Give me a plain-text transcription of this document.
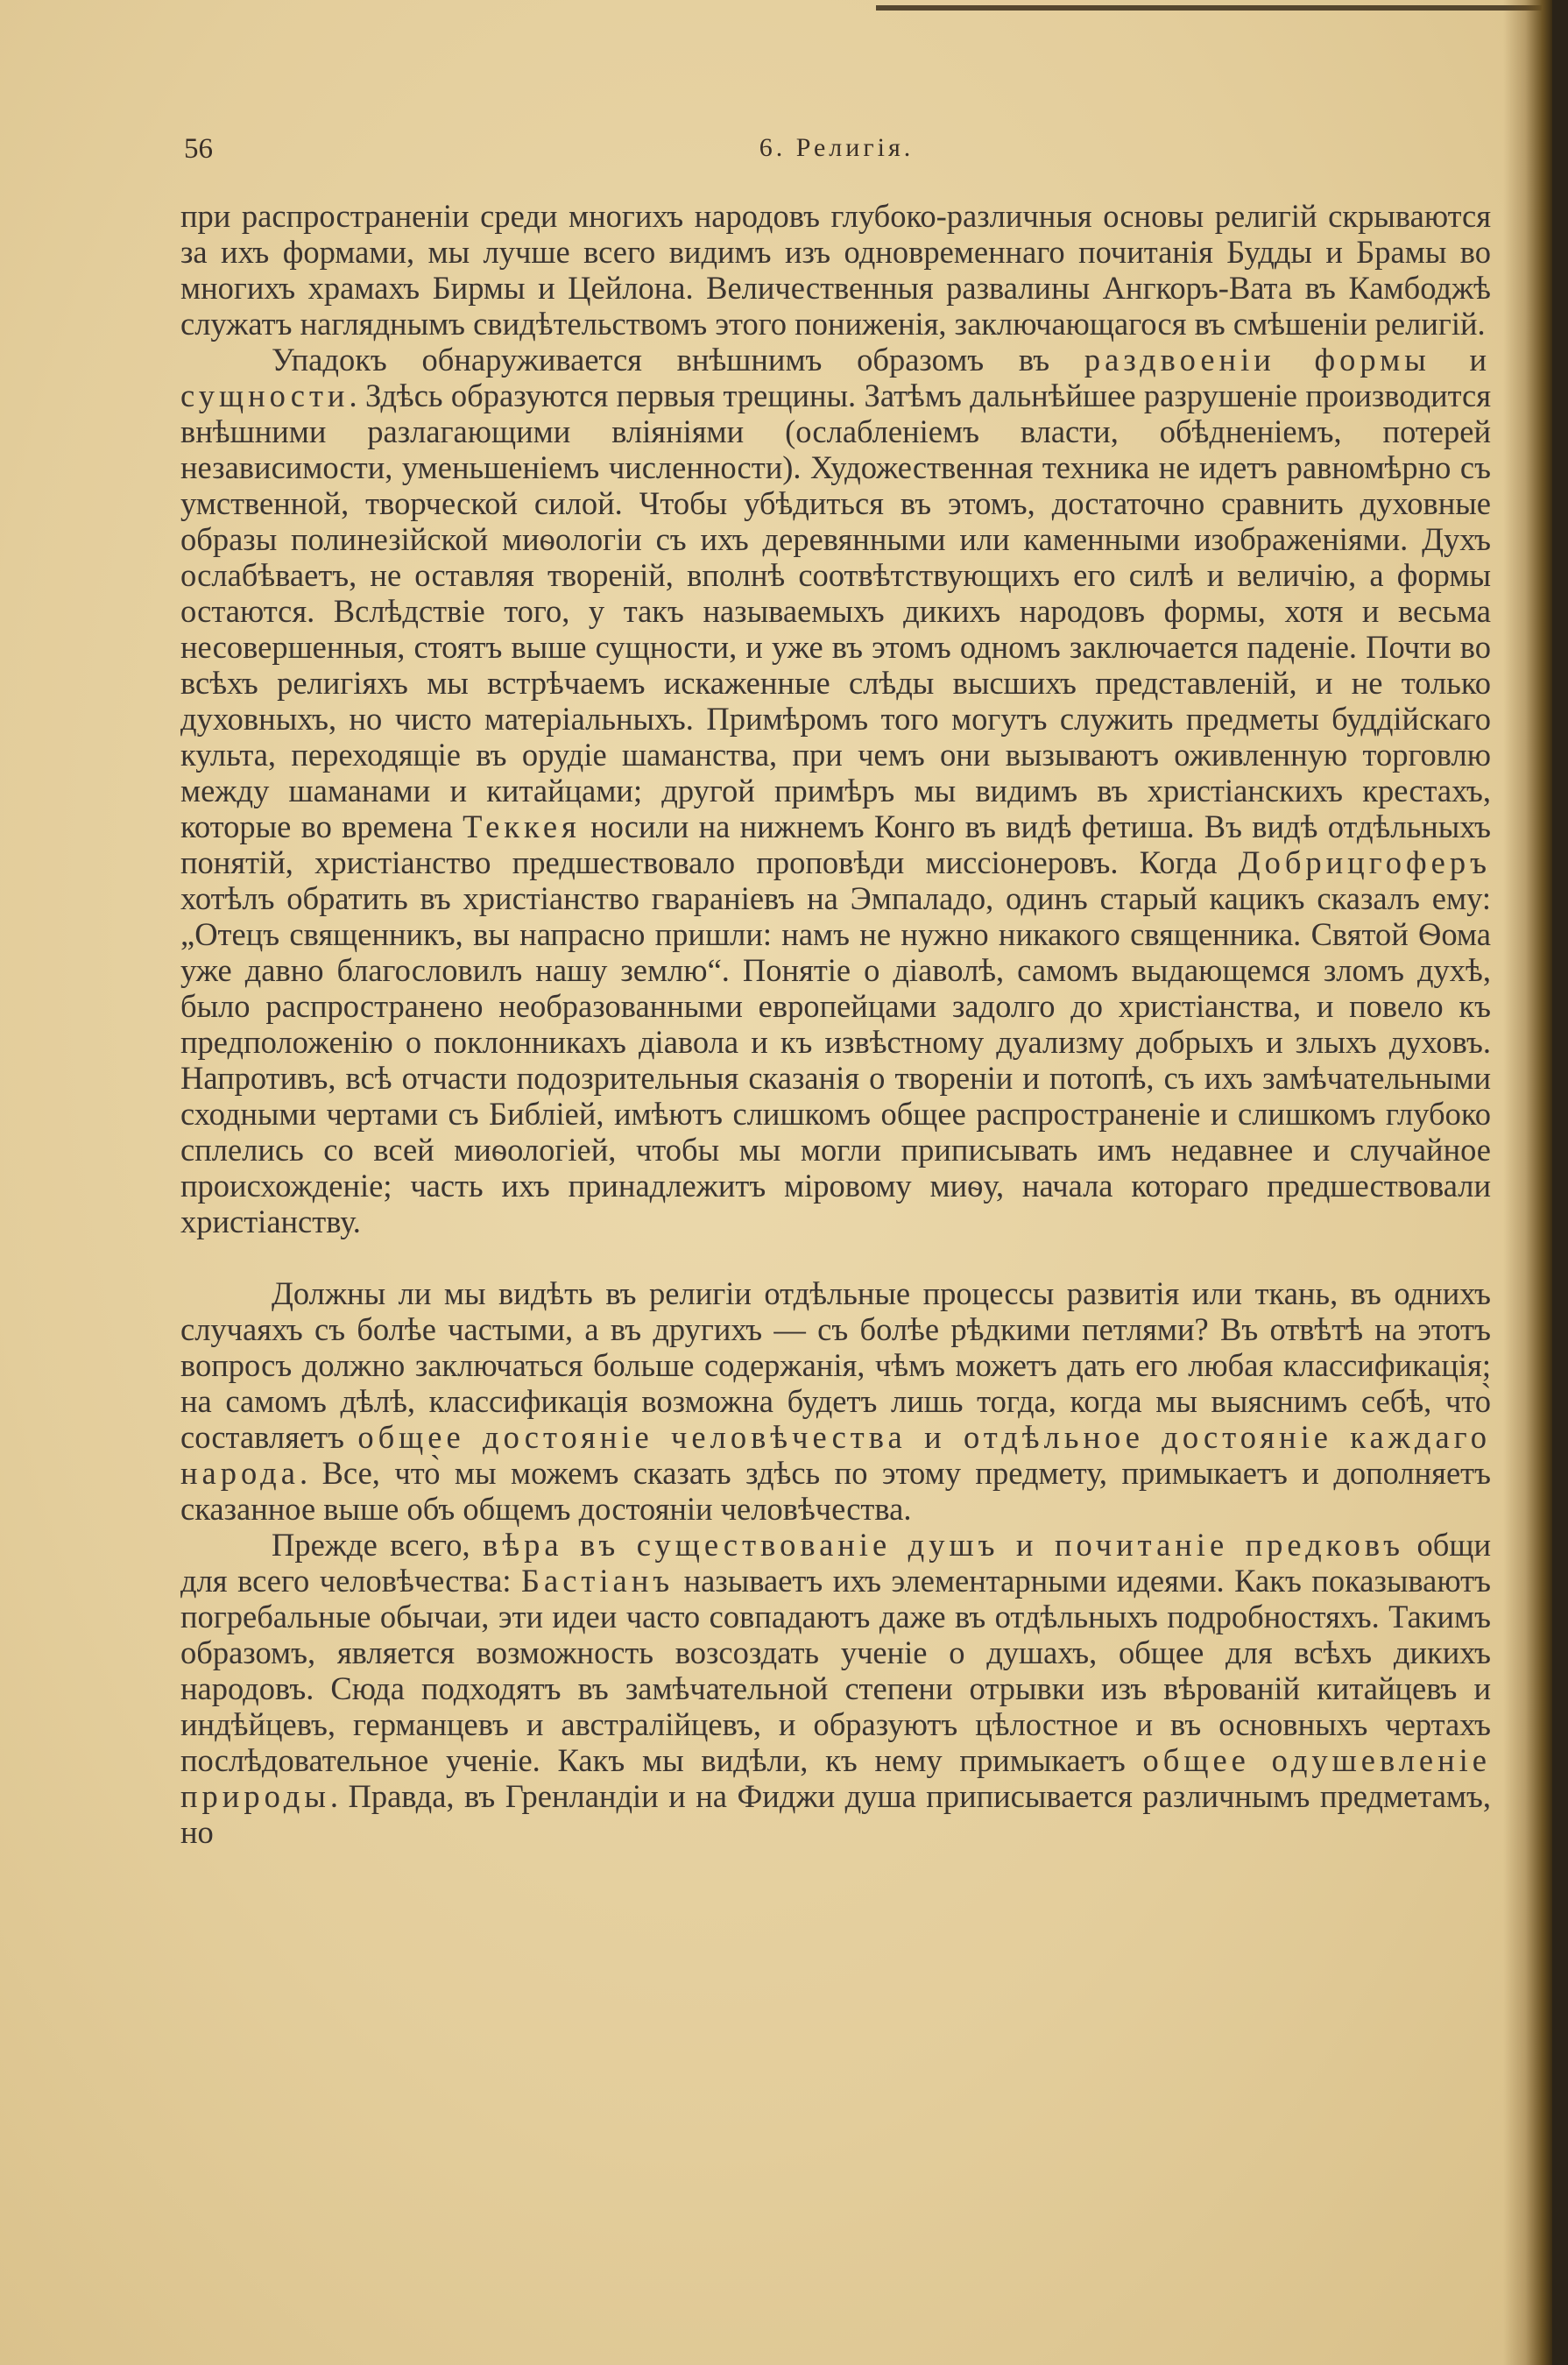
56	6. Религія.

при распространеніи среди многихъ народовъ глубоко-различныя основы религій скрываются за ихъ формами, мы лучше всего видимъ изъ одновременнаго почитанія Будды и Брамы во многихъ храмахъ Бирмы и Цейлона. Величественныя развалины Ангкоръ-Вата въ Камбоджѣ служатъ нагляднымъ свидѣтельствомъ этого пониженія, заключающагося въ смѣшеніи религій.

Упадокъ обнаруживается внѣшнимъ образомъ въ раздвоеніи формы и сущности. Здѣсь образуются первыя трещины. Затѣмъ дальнѣйшее разрушеніе производится внѣшними разлагающими вліяніями (ослабленіемъ власти, обѣдненіемъ, потерей независимости, уменьшеніемъ численности). Художественная техника не идетъ равномѣрно съ умственной, творческой силой. Чтобы убѣдиться въ этомъ, достаточно сравнить духовные образы полинезійской миѳологіи съ ихъ деревянными или каменными изображеніями. Духъ ослабѣваетъ, не оставляя твореній, вполнѣ соотвѣтствующихъ его силѣ и величію, а формы остаются. Вслѣдствіе того, у такъ называемыхъ дикихъ народовъ формы, хотя и весьма несовершенныя, стоятъ выше сущности, и уже въ этомъ одномъ заключается паденіе. Почти во всѣхъ религіяхъ мы встрѣчаемъ искаженные слѣды высшихъ представленій, и не только духовныхъ, но чисто матеріальныхъ. Примѣромъ того могутъ служить предметы буддійскаго культа, переходящіе въ орудіе шаманства, при чемъ они вызываютъ оживленную торговлю между шаманами и китайцами; другой примѣръ мы видимъ въ христіанскихъ крестахъ, которые во времена Теккея носили на нижнемъ Конго въ видѣ фетиша. Въ видѣ отдѣльныхъ понятій, христіанство предшествовало проповѣди миссіонеровъ. Когда Добрицгоферъ хотѣлъ обратить въ христіанство гваранiевъ на Эмпаладо, одинъ старый кацикъ сказалъ ему: „Отецъ священникъ, вы напрасно пришли: намъ не нужно никакого священника. Святой Ѳома уже давно благословилъ нашу землю“. Понятіе о діаволѣ, самомъ выдающемся зломъ духѣ, было распространено необразованными европейцами задолго до христіанства, и повело къ предположенію о поклонникахъ діавола и къ извѣстному дуализму добрыхъ и злыхъ духовъ. Напротивъ, всѣ отчасти подозрительныя сказанія о твореніи и потопѣ, съ ихъ замѣчательными сходными чертами съ Библіей, имѣютъ слишкомъ общее распространеніе и слишкомъ глубоко сплелись со всей миѳологіей, чтобы мы могли приписывать имъ недавнее и случайное происхожденіе; часть ихъ принадлежитъ міровому миѳу, начала котораго предшествовали христіанству.

Должны ли мы видѣть въ религіи отдѣльные процессы развитія или ткань, въ однихъ случаяхъ съ болѣе частыми, а въ другихъ — съ болѣе рѣдкими петлями? Въ отвѣтѣ на этотъ вопросъ должно заключаться больше содержанія, чѣмъ можетъ дать его любая классификація; на самомъ дѣлѣ, классификація возможна будетъ лишь тогда, когда мы выяснимъ себѣ, что̀ составляетъ общее достояніе человѣчества и отдѣльное достояніе каждаго народа. Все, что̀ мы можемъ сказать здѣсь по этому предмету, примыкаетъ и дополняетъ сказанное выше объ общемъ достояніи человѣчества.

Прежде всего, вѣра въ существованіе душъ и почитаніе предковъ общи для всего человѣчества: Бастіанъ называетъ ихъ элементарными идеями. Какъ показываютъ погребальные обычаи, эти идеи часто совпадаютъ даже въ отдѣльныхъ подробностяхъ. Такимъ образомъ, является возможность возсоздать ученіе о душахъ, общее для всѣхъ дикихъ народовъ. Сюда подходятъ въ замѣчательной степени отрывки изъ вѣрованій китайцевъ и индѣйцевъ, германцевъ и австралійцевъ, и образуютъ цѣлостное и въ основныхъ чертахъ послѣдовательное ученіе. Какъ мы видѣли, къ нему примыкаетъ общее одушевленіе природы. Правда, въ Гренландіи и на Фиджи душа приписывается различнымъ предметамъ, но
